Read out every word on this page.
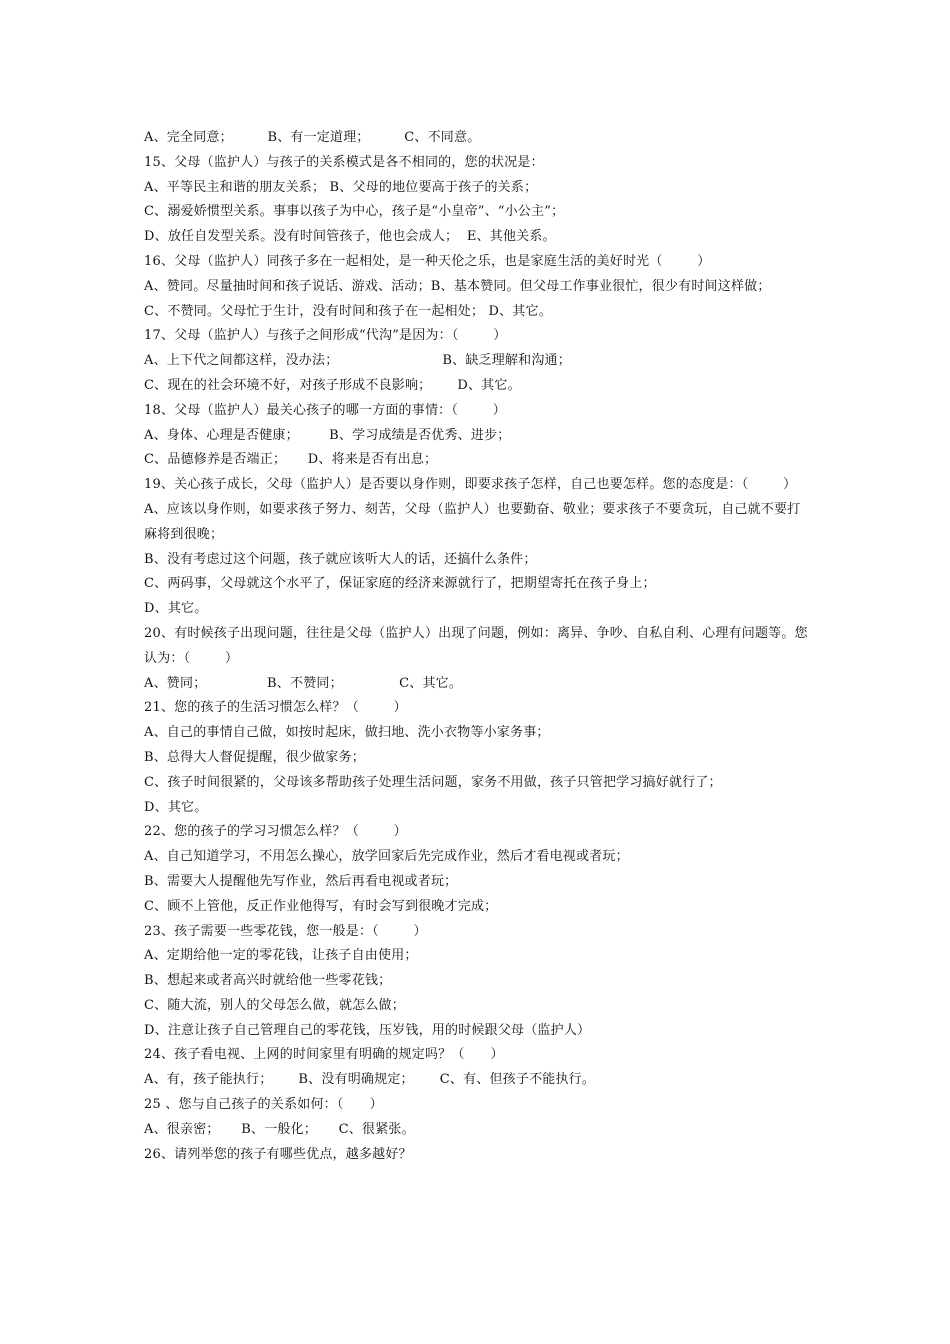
A、完全同意；        B、有一定道理；        C、不同意。
15、父母（监护人）与孩子的关系模式是各不相同的，您的状况是：
A、平等民主和谐的朋友关系； B、父母的地位要高于孩子的关系；
C、溺爱娇惯型关系。事事以孩子为中心，孩子是“小皇帝”、“小公主”；
D、放任自发型关系。没有时间管孩子，他也会成人；  E、其他关系。
16、父母（监护人）同孩子多在一起相处，是一种天伦之乐，也是家庭生活的美好时光（        ）
A、赞同。尽量抽时间和孩子说话、游戏、活动；B、基本赞同。但父母工作事业很忙，很少有时间这样做；
C、不赞同。父母忙于生计，没有时间和孩子在一起相处； D、其它。
17、父母（监护人）与孩子之间形成“代沟”是因为：（        ）
A、上下代之间都这样，没办法；                        B、缺乏理解和沟通；
C、现在的社会环境不好，对孩子形成不良影响；      D、其它。
18、父母（监护人）最关心孩子的哪一方面的事情：（        ）
A、身体、心理是否健康；       B、学习成绩是否优秀、进步；
C、品德修养是否端正；     D、将来是否有出息；
19、关心孩子成长，父母（监护人）是否要以身作则，即要求孩子怎样，自己也要怎样。您的态度是：（        ）
A、应该以身作则，如要求孩子努力、刻苦，父母（监护人）也要勤奋、敬业；要求孩子不要贪玩，自己就不要打
麻将到很晚；
B、没有考虑过这个问题，孩子就应该听大人的话，还搞什么条件；
C、两码事，父母就这个水平了，保证家庭的经济来源就行了，把期望寄托在孩子身上；
D、其它。
20、有时候孩子出现问题，往往是父母（监护人）出现了问题，例如：离异、争吵、自私自利、心理有问题等。您
认为：（        ）
A、赞同；              B、不赞同；             C、其它。
21、您的孩子的生活习惯怎么样？（        ）
A、自己的事情自己做，如按时起床，做扫地、洗小衣物等小家务事；
B、总得大人督促提醒，很少做家务；
C、孩子时间很紧的，父母该多帮助孩子处理生活问题，家务不用做，孩子只管把学习搞好就行了；
D、其它。
22、您的孩子的学习习惯怎么样？（        ）
A、自己知道学习，不用怎么操心，放学回家后先完成作业，然后才看电视或者玩；
B、需要大人提醒他先写作业，然后再看电视或者玩；
C、顾不上管他，反正作业他得写，有时会写到很晚才完成；
23、孩子需要一些零花钱，您一般是：（        ）
A、定期给他一定的零花钱，让孩子自由使用；
B、想起来或者高兴时就给他一些零花钱；
C、随大流，别人的父母怎么做，就怎么做；
D、注意让孩子自己管理自己的零花钱，压岁钱，用的时候跟父母（监护人）
24、孩子看电视、上网的时间家里有明确的规定吗？（      ）
A、有，孩子能执行；      B、没有明确规定；      C、有、但孩子不能执行。
25 、您与自己孩子的关系如何：（      ）
A、很亲密；     B、一般化；     C、很紧张。
26、请列举您的孩子有哪些优点，越多越好？
